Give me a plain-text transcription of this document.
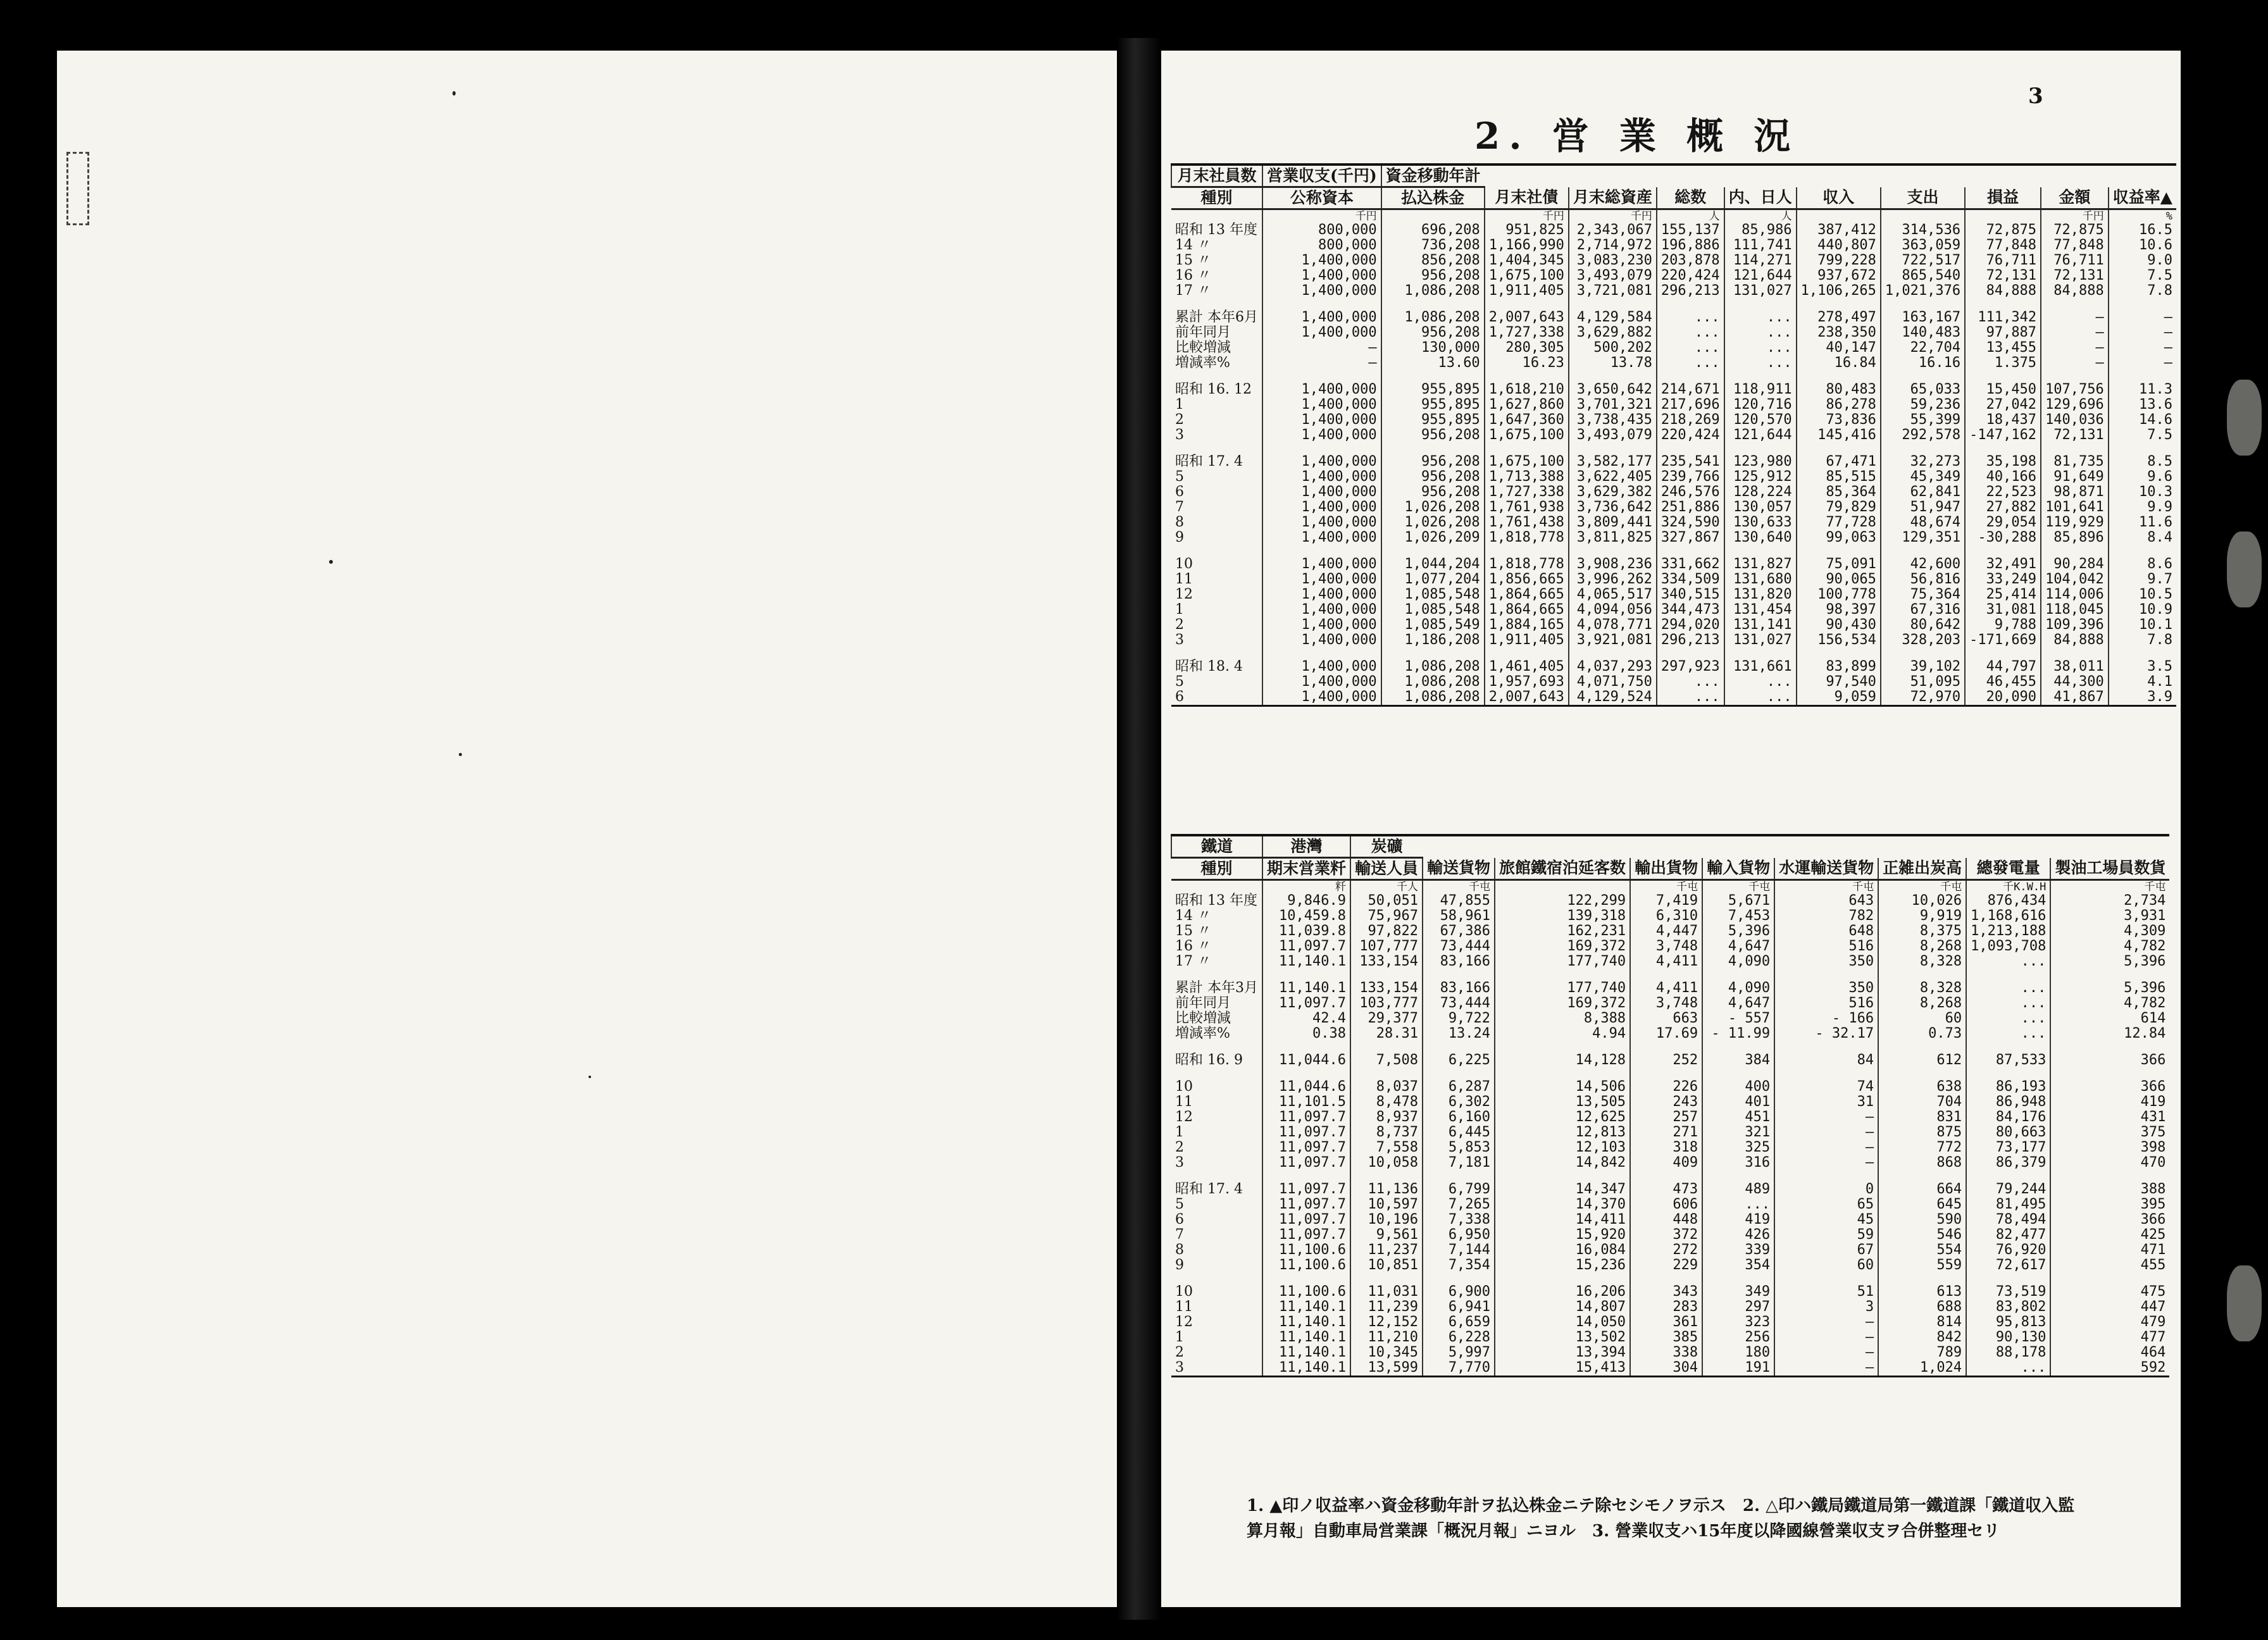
2. 営 業 概 況
3
月末社員数	営業収支(千円)	資金移動年計									
種別	公称資本	払込株金	月末社債	月末総資産	総数	内、日人	収入	支出	損益	金額	収益率▲
	千円		千円	千円	人	人				千円	%
昭和 13 年度	800,000	696,208	951,825	2,343,067	155,137	85,986	387,412	314,536	72,875	72,875	16.5
14 〃	800,000	736,208	1,166,990	2,714,972	196,886	111,741	440,807	363,059	77,848	77,848	10.6
15 〃	1,400,000	856,208	1,404,345	3,083,230	203,878	114,271	799,228	722,517	76,711	76,711	9.0
16 〃	1,400,000	956,208	1,675,100	3,493,079	220,424	121,644	937,672	865,540	72,131	72,131	7.5
17 〃	1,400,000	1,086,208	1,911,405	3,721,081	296,213	131,027	1,106,265	1,021,376	84,888	84,888	7.8

累計 本年6月	1,400,000	1,086,208	2,007,643	4,129,584	...	...	278,497	163,167	111,342	—	—
前年同月	1,400,000	956,208	1,727,338	3,629,882	...	...	238,350	140,483	97,887	—	—
比較増減	—	130,000	280,305	500,202	...	...	40,147	22,704	13,455	—	—
増減率%	—	13.60	16.23	13.78	...	...	16.84	16.16	1.375	—	—

昭和 16. 12	1,400,000	955,895	1,618,210	3,650,642	214,671	118,911	80,483	65,033	15,450	107,756	11.3
1	1,400,000	955,895	1,627,860	3,701,321	217,696	120,716	86,278	59,236	27,042	129,696	13.6
2	1,400,000	955,895	1,647,360	3,738,435	218,269	120,570	73,836	55,399	18,437	140,036	14.6
3	1,400,000	956,208	1,675,100	3,493,079	220,424	121,644	145,416	292,578	-147,162	72,131	7.5

昭和 17. 4	1,400,000	956,208	1,675,100	3,582,177	235,541	123,980	67,471	32,273	35,198	81,735	8.5
5	1,400,000	956,208	1,713,388	3,622,405	239,766	125,912	85,515	45,349	40,166	91,649	9.6
6	1,400,000	956,208	1,727,338	3,629,382	246,576	128,224	85,364	62,841	22,523	98,871	10.3
7	1,400,000	1,026,208	1,761,938	3,736,642	251,886	130,057	79,829	51,947	27,882	101,641	9.9
8	1,400,000	1,026,208	1,761,438	3,809,441	324,590	130,633	77,728	48,674	29,054	119,929	11.6
9	1,400,000	1,026,209	1,818,778	3,811,825	327,867	130,640	99,063	129,351	-30,288	85,896	8.4

10	1,400,000	1,044,204	1,818,778	3,908,236	331,662	131,827	75,091	42,600	32,491	90,284	8.6
11	1,400,000	1,077,204	1,856,665	3,996,262	334,509	131,680	90,065	56,816	33,249	104,042	9.7
12	1,400,000	1,085,548	1,864,665	4,065,517	340,515	131,820	100,778	75,364	25,414	114,006	10.5
1	1,400,000	1,085,548	1,864,665	4,094,056	344,473	131,454	98,397	67,316	31,081	118,045	10.9
2	1,400,000	1,085,549	1,884,165	4,078,771	294,020	131,141	90,430	80,642	9,788	109,396	10.1
3	1,400,000	1,186,208	1,911,405	3,921,081	296,213	131,027	156,534	328,203	-171,669	84,888	7.8

昭和 18. 4	1,400,000	1,086,208	1,461,405	4,037,293	297,923	131,661	83,899	39,102	44,797	38,011	3.5
5	1,400,000	1,086,208	1,957,693	4,071,750	...	...	97,540	51,095	46,455	44,300	4.1
6	1,400,000	1,086,208	2,007,643	4,129,524	...	...	9,059	72,970	20,090	41,867	3.9
鐵道	港灣	炭礦								
種別	期末営業粁	輸送人員	輸送貨物	旅館鐵宿泊延客数	輸出貨物	輸入貨物	水運輸送貨物	正雑出炭高	總發電量	製油工場員数貨
	粁	千人	千屯		千屯	千屯	千屯	千屯	千K.W.H	千屯
昭和 13 年度	9,846.9	50,051	47,855	122,299	7,419	5,671	643	10,026	876,434	2,734
14 〃	10,459.8	75,967	58,961	139,318	6,310	7,453	782	9,919	1,168,616	3,931
15 〃	11,039.8	97,822	67,386	162,231	4,447	5,396	648	8,375	1,213,188	4,309
16 〃	11,097.7	107,777	73,444	169,372	3,748	4,647	516	8,268	1,093,708	4,782
17 〃	11,140.1	133,154	83,166	177,740	4,411	4,090	350	8,328	...	5,396

累計 本年3月	11,140.1	133,154	83,166	177,740	4,411	4,090	350	8,328	...	5,396
前年同月	11,097.7	103,777	73,444	169,372	3,748	4,647	516	8,268	...	4,782
比較増減	42.4	29,377	9,722	8,388	663	- 557	- 166	60	...	614
増減率%	0.38	28.31	13.24	4.94	17.69	- 11.99	- 32.17	0.73	...	12.84

昭和 16. 9	11,044.6	7,508	6,225	14,128	252	384	84	612	87,533	366

10	11,044.6	8,037	6,287	14,506	226	400	74	638	86,193	366
11	11,101.5	8,478	6,302	13,505	243	401	31	704	86,948	419
12	11,097.7	8,937	6,160	12,625	257	451	—	831	84,176	431
1	11,097.7	8,737	6,445	12,813	271	321	—	875	80,663	375
2	11,097.7	7,558	5,853	12,103	318	325	—	772	73,177	398
3	11,097.7	10,058	7,181	14,842	409	316	—	868	86,379	470

昭和 17. 4	11,097.7	11,136	6,799	14,347	473	489	0	664	79,244	388
5	11,097.7	10,597	7,265	14,370	606	...	65	645	81,495	395
6	11,097.7	10,196	7,338	14,411	448	419	45	590	78,494	366
7	11,097.7	9,561	6,950	15,920	372	426	59	546	82,477	425
8	11,100.6	11,237	7,144	16,084	272	339	67	554	76,920	471
9	11,100.6	10,851	7,354	15,236	229	354	60	559	72,617	455

10	11,100.6	11,031	6,900	16,206	343	349	51	613	73,519	475
11	11,140.1	11,239	6,941	14,807	283	297	3	688	83,802	447
12	11,140.1	12,152	6,659	14,050	361	323	—	814	95,813	479
1	11,140.1	11,210	6,228	13,502	385	256	—	842	90,130	477
2	11,140.1	10,345	5,997	13,394	338	180	—	789	88,178	464
3	11,140.1	13,599	7,770	15,413	304	191	—	1,024	...	592
1. ▲印ノ収益率ハ資金移動年計ヲ払込株金ニテ除セシモノヲ示ス　2. △印ハ鐵局鐵道局第一鐵道課「鐵道収入監
算月報」自動車局営業課「概況月報」ニヨル　3. 營業収支ハ15年度以降國線營業収支ヲ合併整理セリ
